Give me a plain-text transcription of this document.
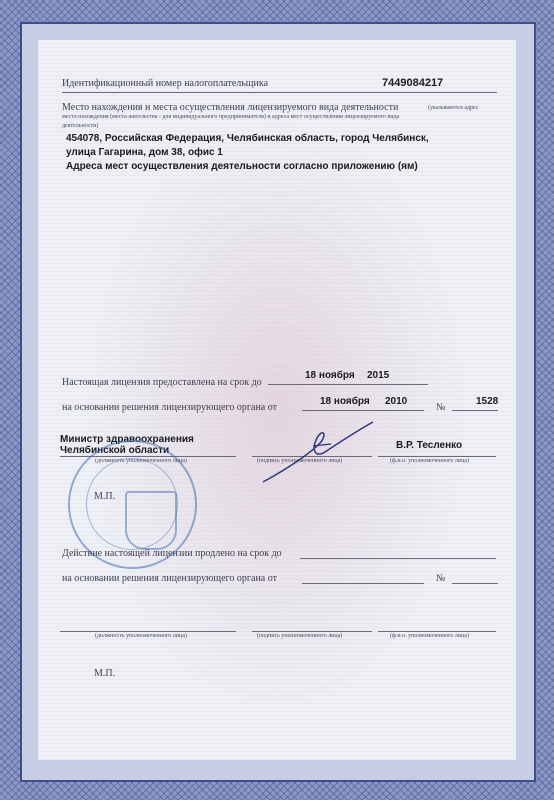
Идентификационный номер налогоплательщика	7449084217
Место нахождения и места осуществления лицензируемого вида деятельности	(указываются адрес
места нахождения (места жительства - для индивидуального предпринимателя) и адреса мест осуществления лицензируемого вида
деятельности)
454078, Российская Федерация, Челябинская область, город Челябинск,
улица Гагарина, дом 38, офис 1
Адреса мест осуществления деятельности согласно приложению (ям)
Настоящая лицензия предоставлена на срок до
18 ноября 2015
на основании решения лицензирующего органа от
18 ноября 2010
№
1528
Министр здравоохранения
Челябинской области	В.Р. Тесленко
(должность уполномоченного лица)	(подпись уполномоченного лица)	(ф.и.о. уполномоченного лица)
М.П.
Действие настоящей лицензии продлено на срок до
на основании решения лицензирующего органа от	№
(должность уполномоченного лица)	(подпись уполномоченного лица)	(ф.и.о. уполномоченного лица)
М.П.
